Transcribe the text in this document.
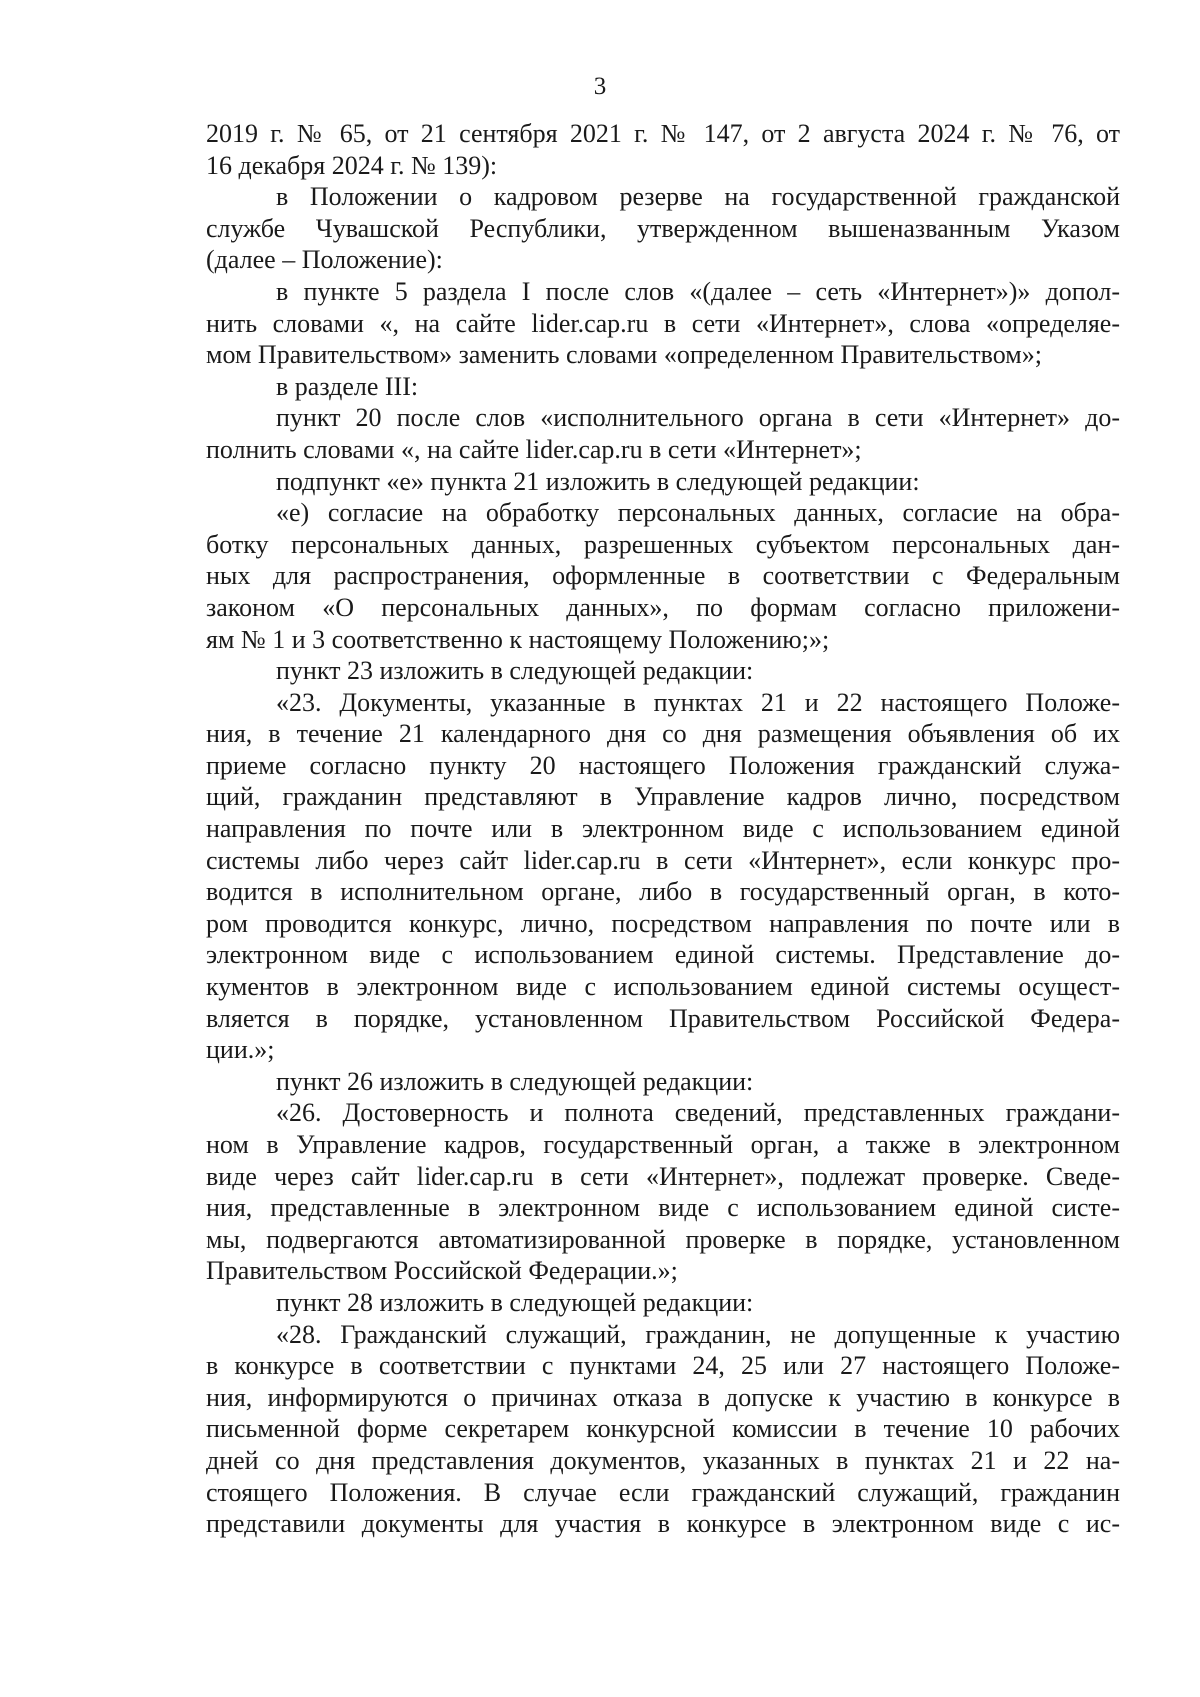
3
2019 г. № 65, от 21 сентября 2021 г. № 147, от 2 августа 2024 г. № 76, от
16 декабря 2024 г. № 139):
в Положении о кадровом резерве на государственной гражданской
службе Чувашской Республики, утвержденном вышеназванным Указом
(далее – Положение):
в пункте 5 раздела I после слов «(далее – сеть «Интернет»)» допол-
нить словами «, на сайте lider.cap.ru в сети «Интернет», слова «определяе-
мом Правительством» заменить словами «определенном Правительством»;
в разделе III:
пункт 20 после слов «исполнительного органа в сети «Интернет» до-
полнить словами «, на сайте lider.cap.ru в сети «Интернет»;
подпункт «е» пункта 21 изложить в следующей редакции:
«е) согласие на обработку персональных данных, согласие на обра-
ботку персональных данных, разрешенных субъектом персональных дан-
ных для распространения, оформленные в соответствии с Федеральным
законом «О персональных данных», по формам согласно приложени-
ям № 1 и 3 соответственно к настоящему Положению;»;
пункт 23 изложить в следующей редакции:
«23. Документы, указанные в пунктах 21 и 22 настоящего Положе-
ния, в течение 21 календарного дня со дня размещения объявления об их
приеме согласно пункту 20 настоящего Положения гражданский служа-
щий, гражданин представляют в Управление кадров лично, посредством
направления по почте или в электронном виде с использованием единой
системы либо через сайт lider.cap.ru в сети «Интернет», если конкурс про-
водится в исполнительном органе, либо в государственный орган, в кото-
ром проводится конкурс, лично, посредством направления по почте или в
электронном виде с использованием единой системы. Представление до-
кументов в электронном виде с использованием единой системы осущест-
вляется в порядке, установленном Правительством Российской Федера-
ции.»;
пункт 26 изложить в следующей редакции:
«26. Достоверность и полнота сведений, представленных граждани-
ном в Управление кадров, государственный орган, а также в электронном
виде через сайт lider.cap.ru в сети «Интернет», подлежат проверке. Сведе-
ния, представленные в электронном виде с использованием единой систе-
мы, подвергаются автоматизированной проверке в порядке, установленном
Правительством Российской Федерации.»;
пункт 28 изложить в следующей редакции:
«28. Гражданский служащий, гражданин, не допущенные к участию
в конкурсе в соответствии с пунктами 24, 25 или 27 настоящего Положе-
ния, информируются о причинах отказа в допуске к участию в конкурсе в
письменной форме секретарем конкурсной комиссии в течение 10 рабочих
дней со дня представления документов, указанных в пунктах 21 и 22 на-
стоящего Положения. В случае если гражданский служащий, гражданин
представили документы для участия в конкурсе в электронном виде с ис-
